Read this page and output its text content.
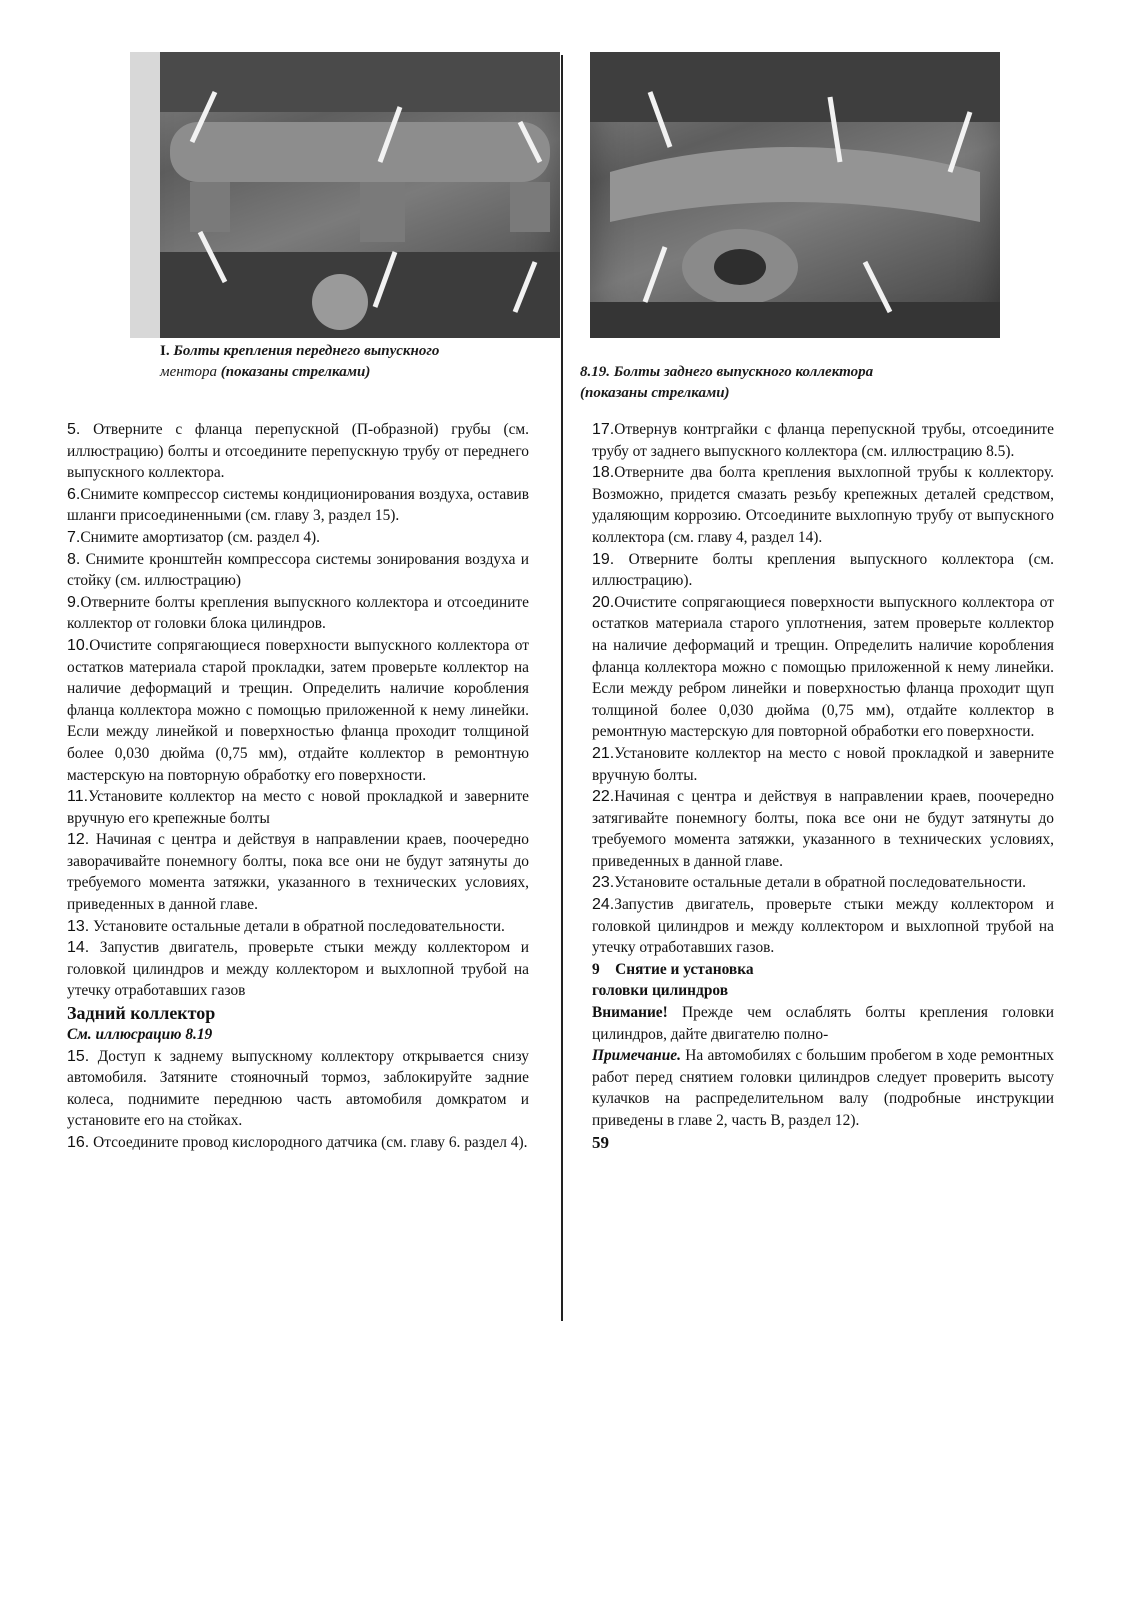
I. Болты крепления переднего выпускного
ментора (показаны стрелками)	8.19. Болты заднего выпускного коллектора
(показаны стрелками)

5. Отверните с фланца перепускной (П-образной) грубы (см. иллюстрацию) болты и отсоедините перепускную трубу от переднего выпускного коллектора.

6.Снимите компрессор системы кондиционирования воздуха, оставив шланги присоединенными (см. главу 3, раздел 15).

7.Снимите амортизатор (см. раздел 4).

8. Снимите кронштейн компрессора системы зонирования воздуха и стойку (см. иллюстрацию)

9.Отверните болты крепления выпускного коллектора и отсоедините коллектор от головки блока цилиндров.

10.Очистите сопрягающиеся поверхности выпускного коллектора от остатков материала старой прокладки, затем проверьте коллектор на наличие деформаций и трещин. Определить наличие коробления фланца коллектора можно с помощью приложенной к нему линейки. Если между линейкой и поверхностью фланца проходит толщиной более 0,030 дюйма (0,75 мм), отдайте коллектор в ремонтную мастерскую на повторную обработку его поверхности.

11.Установите коллектор на место с новой прокладкой и заверните вручную его крепежные болты

12. Начиная с центра и действуя в направлении краев, поочередно заворачивайте понемногу болты, пока все они не будут затянуты до требуемого момента затяжки, указанного в технических условиях, приведенных в данной главе.

13. Установите остальные детали в обратной последовательности.

14. Запустив двигатель, проверьте стыки между коллектором и головкой цилиндров и между коллектором и выхлопной трубой на утечку отработавших газов

Задний коллектор

См. иллюсрацию 8.19

15. Доступ к заднему выпускному коллектору открывается снизу автомобиля. Затяните стояночный тормоз, заблокируйте задние колеса, поднимите переднюю часть автомобиля домкратом и установите его на стойках.

16. Отсоедините провод кислородного датчика (см. главу 6. раздел 4).

17.Отвернув контргайки с фланца перепускной трубы, отсоедините трубу от заднего выпускного коллектора (см. иллюстрацию 8.5).

18.Отверните два болта крепления выхлопной трубы к коллектору. Возможно, придется смазать резьбу крепежных деталей средством, удаляющим коррозию. Отсоедините выхлопную трубу от выпускного коллектора (см. главу 4, раздел 14).

19. Отверните болты крепления выпускного коллектора (см. иллюстрацию).

20.Очистите сопрягающиеся поверхности выпускного коллектора от остатков материала старого уплотнения, затем проверьте коллектор на наличие деформаций и трещин. Определить наличие коробления фланца коллектора можно с помощью приложенной к нему линейки. Если между ребром линейки и поверхностью фланца проходит щуп толщиной более 0,030 дюйма (0,75 мм), отдайте коллектор в ремонтную мастерскую для повторной обработки его поверхности.

21.Установите коллектор на место с новой прокладкой и заверните вручную болты.

22.Начиная с центра и действуя в направлении краев, поочередно затягивайте понемногу болты, пока все они не будут затянуты до требуемого момента затяжки, указанного в технических условиях, приведенных в данной главе.

23.Установите остальные детали в обратной последовательности.

24.Запустив двигатель, проверьте стыки между коллектором и головкой цилиндров и между коллектором и выхлопной трубой на утечку отработавших газов.

9 Снятие и установка
головки цилиндров

Внимание! Прежде чем ослаблять болты крепления головки цилиндров, дайте двигателю полно-

Примечание. На автомобилях с большим пробегом в ходе ремонтных работ перед снятием головки цилиндров следует проверить высоту кулачков на распределительном валу (подробные инструкции приведены в главе 2, часть В, раздел 12).

59
